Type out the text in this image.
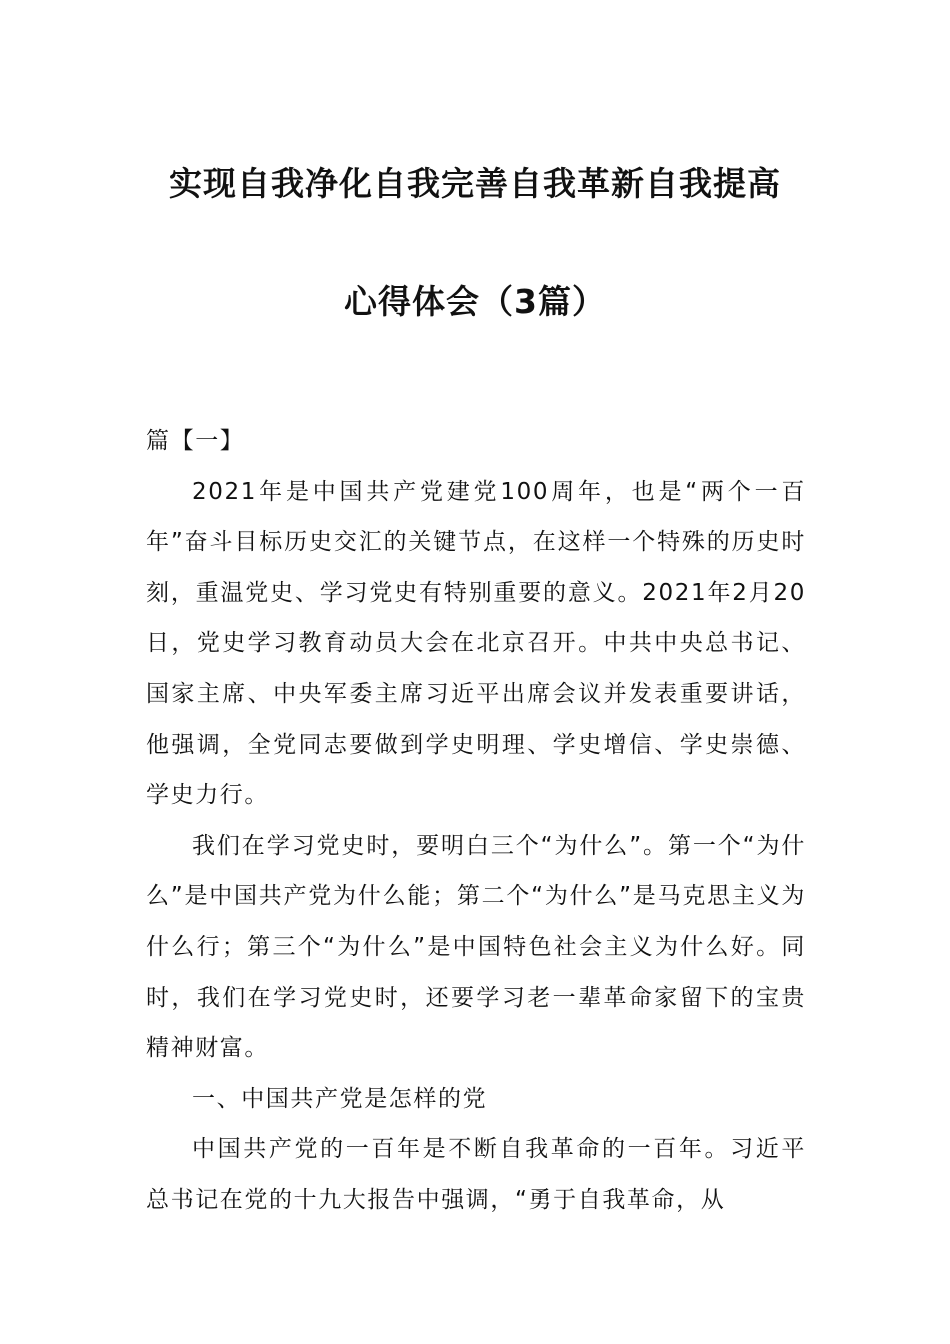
实现自我净化自我完善自我革新自我提高
心得体会（3篇）

篇【一】

2021年是中国共产党建党100周年，也是“两个一百年”奋斗目标历史交汇的关键节点，在这样一个特殊的历史时刻，重温党史、学习党史有特别重要的意义。2021年2月20日，党史学习教育动员大会在北京召开。中共中央总书记、国家主席、中央军委主席习近平出席会议并发表重要讲话，他强调，全党同志要做到学史明理、学史增信、学史崇德、学史力行。

我们在学习党史时，要明白三个“为什么”。第一个“为什么”是中国共产党为什么能；第二个“为什么”是马克思主义为什么行；第三个“为什么”是中国特色社会主义为什么好。同时，我们在学习党史时，还要学习老一辈革命家留下的宝贵精神财富。

一、中国共产党是怎样的党

中国共产党的一百年是不断自我革命的一百年。习近平总书记在党的十九大报告中强调，“勇于自我革命，从
